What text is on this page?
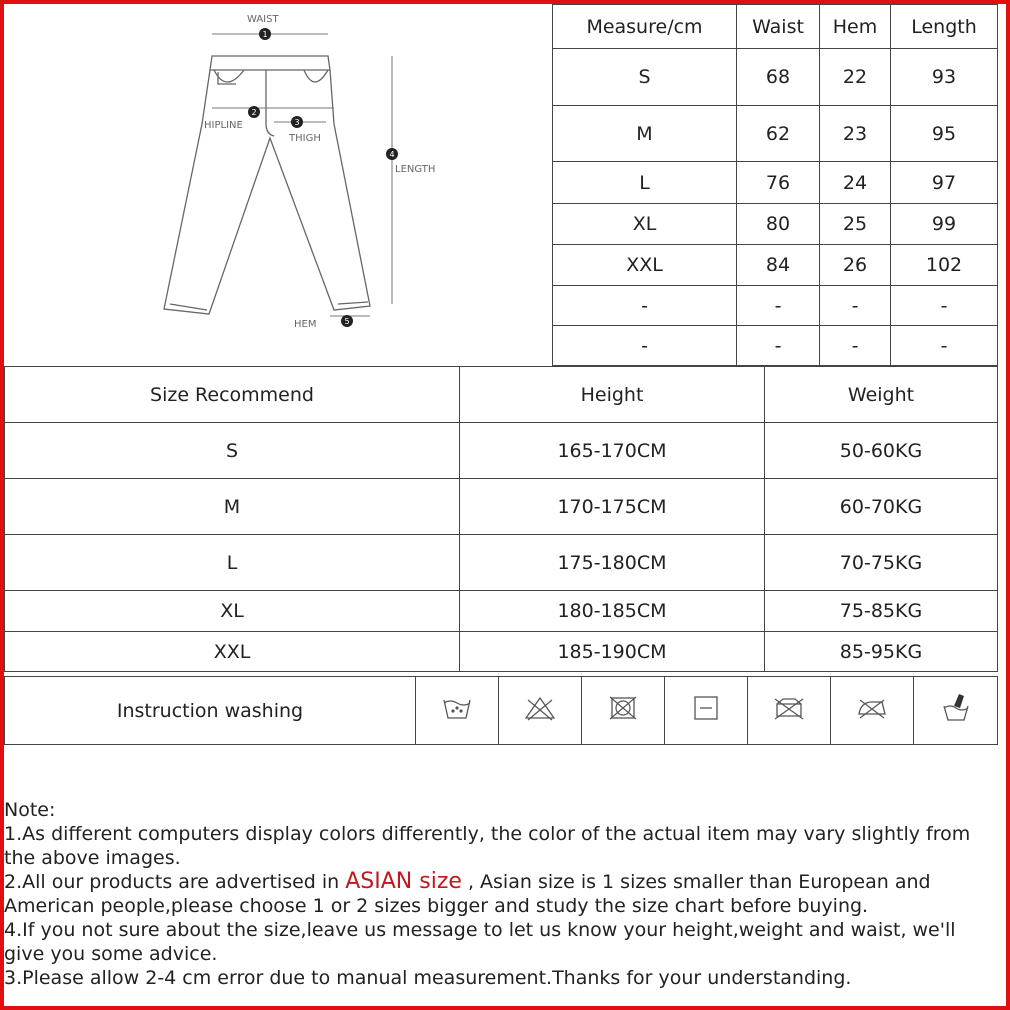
1
2
3
4
5
WAIST
HIPLINE
THIGH
LENGTH
HEM
Measure/cm	Waist	Hem	Length
S	68	22	93
M	62	23	95
L	76	24	97
XL	80	25	99
XXL	84	26	102
-	-	-	-
-	-	-	-
Size Recommend	Height	Weight
S	165-170CM	50-60KG
M	170-175CM	60-70KG
L	175-180CM	70-75KG
XL	180-185CM	75-85KG
XXL	185-190CM	85-95KG
Instruction washing							

Note:

1.As different computers display colors differently, the color of the actual item may vary slightly from the above images.

2.All our products are advertised in ASIAN size , Asian size is 1 sizes smaller than European and American people,please choose 1 or 2 sizes bigger and study the size chart before buying.

4.If you not sure about the size,leave us message to let us know your height,weight and waist, we'll give you some advice.

3.Please allow 2-4 cm error due to manual measurement.Thanks for your understanding.
